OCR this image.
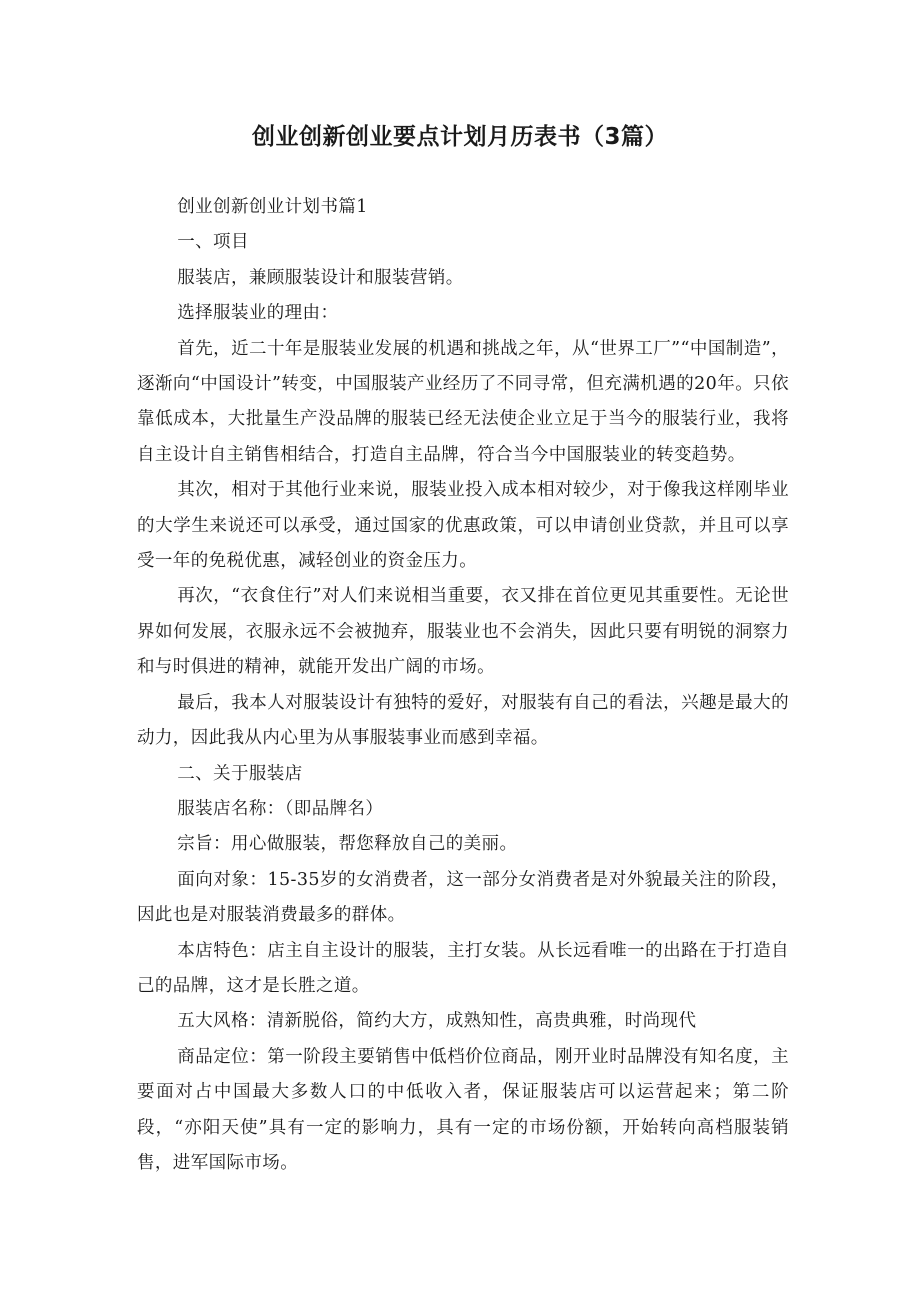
创业创新创业要点计划月历表书（3篇）

创业创新创业计划书篇1

一、项目

服装店，兼顾服装设计和服装营销。

选择服装业的理由：

首先，近二十年是服装业发展的机遇和挑战之年，从“世界工厂”“中国制造”，逐渐向“中国设计”转变，中国服装产业经历了不同寻常，但充满机遇的20年。只依靠低成本，大批量生产没品牌的服装已经无法使企业立足于当今的服装行业，我将自主设计自主销售相结合，打造自主品牌，符合当今中国服装业的转变趋势。

其次，相对于其他行业来说，服装业投入成本相对较少，对于像我这样刚毕业的大学生来说还可以承受，通过国家的优惠政策，可以申请创业贷款，并且可以享受一年的免税优惠，减轻创业的资金压力。

再次，“衣食住行”对人们来说相当重要，衣又排在首位更见其重要性。无论世界如何发展，衣服永远不会被抛弃，服装业也不会消失，因此只要有明锐的洞察力和与时俱进的精神，就能开发出广阔的市场。

最后，我本人对服装设计有独特的爱好，对服装有自己的看法，兴趣是最大的动力，因此我从内心里为从事服装事业而感到幸福。

二、关于服装店

服装店名称：（即品牌名）

宗旨：用心做服装，帮您释放自己的美丽。

面向对象：15-35岁的女消费者，这一部分女消费者是对外貌最关注的阶段，因此也是对服装消费最多的群体。

本店特色：店主自主设计的服装，主打女装。从长远看唯一的出路在于打造自己的品牌，这才是长胜之道。

五大风格：清新脱俗，简约大方，成熟知性，高贵典雅，时尚现代

商品定位：第一阶段主要销售中低档价位商品，刚开业时品牌没有知名度，主要面对占中国最大多数人口的中低收入者，保证服装店可以运营起来；第二阶段，“亦阳天使”具有一定的影响力，具有一定的市场份额，开始转向高档服装销售，进军国际市场。
